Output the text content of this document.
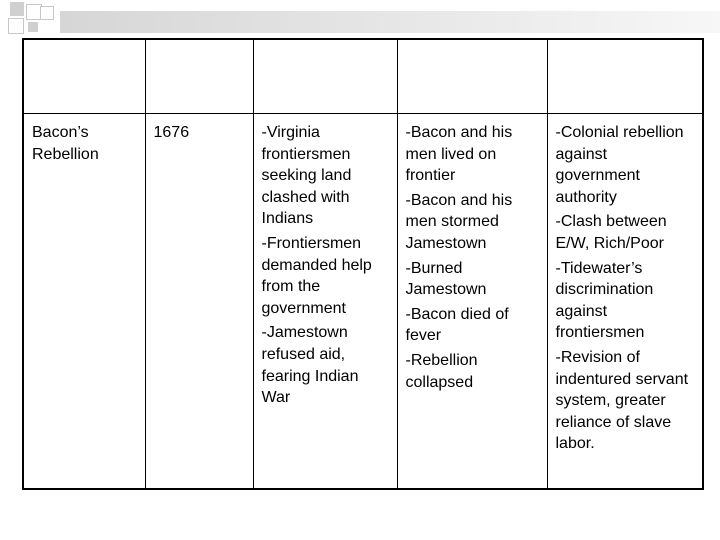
Bacon’s Rebellion	1676	-Virginia frontiersmen seeking land clashed with Indians
-Frontiersmen demanded help from the government
-Jamestown refused aid, fearing Indian War	-Bacon and his men lived on frontier
-Bacon and his men stormed Jamestown
-Burned Jamestown
-Bacon died of fever
-Rebellion collapsed	-Colonial rebellion against government authority
-Clash between E/W, Rich/Poor
-Tidewater’s discrimination against frontiersmen
-Revision of indentured servant system, greater reliance of slave labor.
